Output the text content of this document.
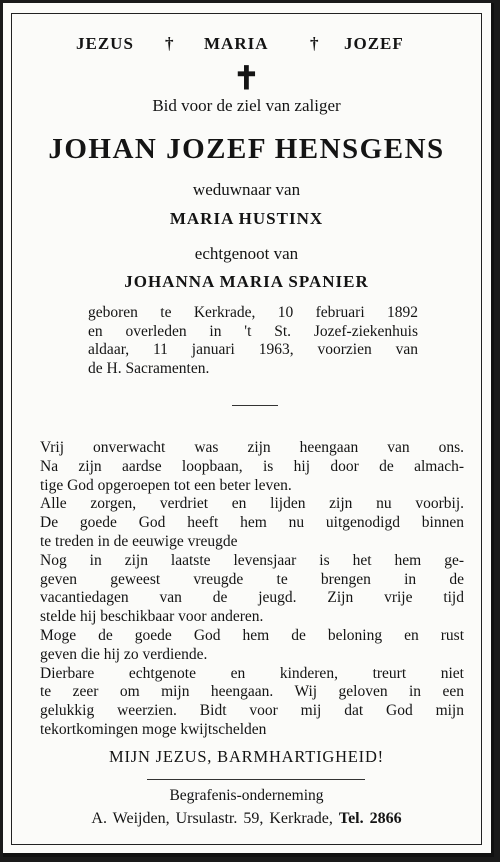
JEZUS † MARIA † JOZEF
✝
Bid voor de ziel van zaliger
JOHAN JOZEF HENSGENS
weduwnaar van
MARIA HUSTINX
echtgenoot van
JOHANNA MARIA SPANIER
geboren te Kerkrade, 10 februari 1892
en overleden in 't St. Jozef-ziekenhuis
aldaar, 11 januari 1963, voorzien van
de H. Sacramenten.
Vrij onverwacht was zijn heengaan van ons.
Na zijn aardse loopbaan, is hij door de almach-
tige God opgeroepen tot een beter leven.
Alle zorgen, verdriet en lijden zijn nu voorbij.
De goede God heeft hem nu uitgenodigd binnen
te treden in de eeuwige vreugde
Nog in zijn laatste levensjaar is het hem ge-
geven geweest vreugde te brengen in de
vacantiedagen van de jeugd. Zijn vrije tijd
stelde hij beschikbaar voor anderen.
Moge de goede God hem de beloning en rust
geven die hij zo verdiende.
Dierbare echtgenote en kinderen, treurt niet
te zeer om mijn heengaan. Wij geloven in een
gelukkig weerzien. Bidt voor mij dat God mijn
tekortkomingen moge kwijtschelden
MIJN JEZUS, BARMHARTIGHEID!
Begrafenis-onderneming
A. Weijden, Ursulastr. 59, Kerkrade, Tel. 2866
